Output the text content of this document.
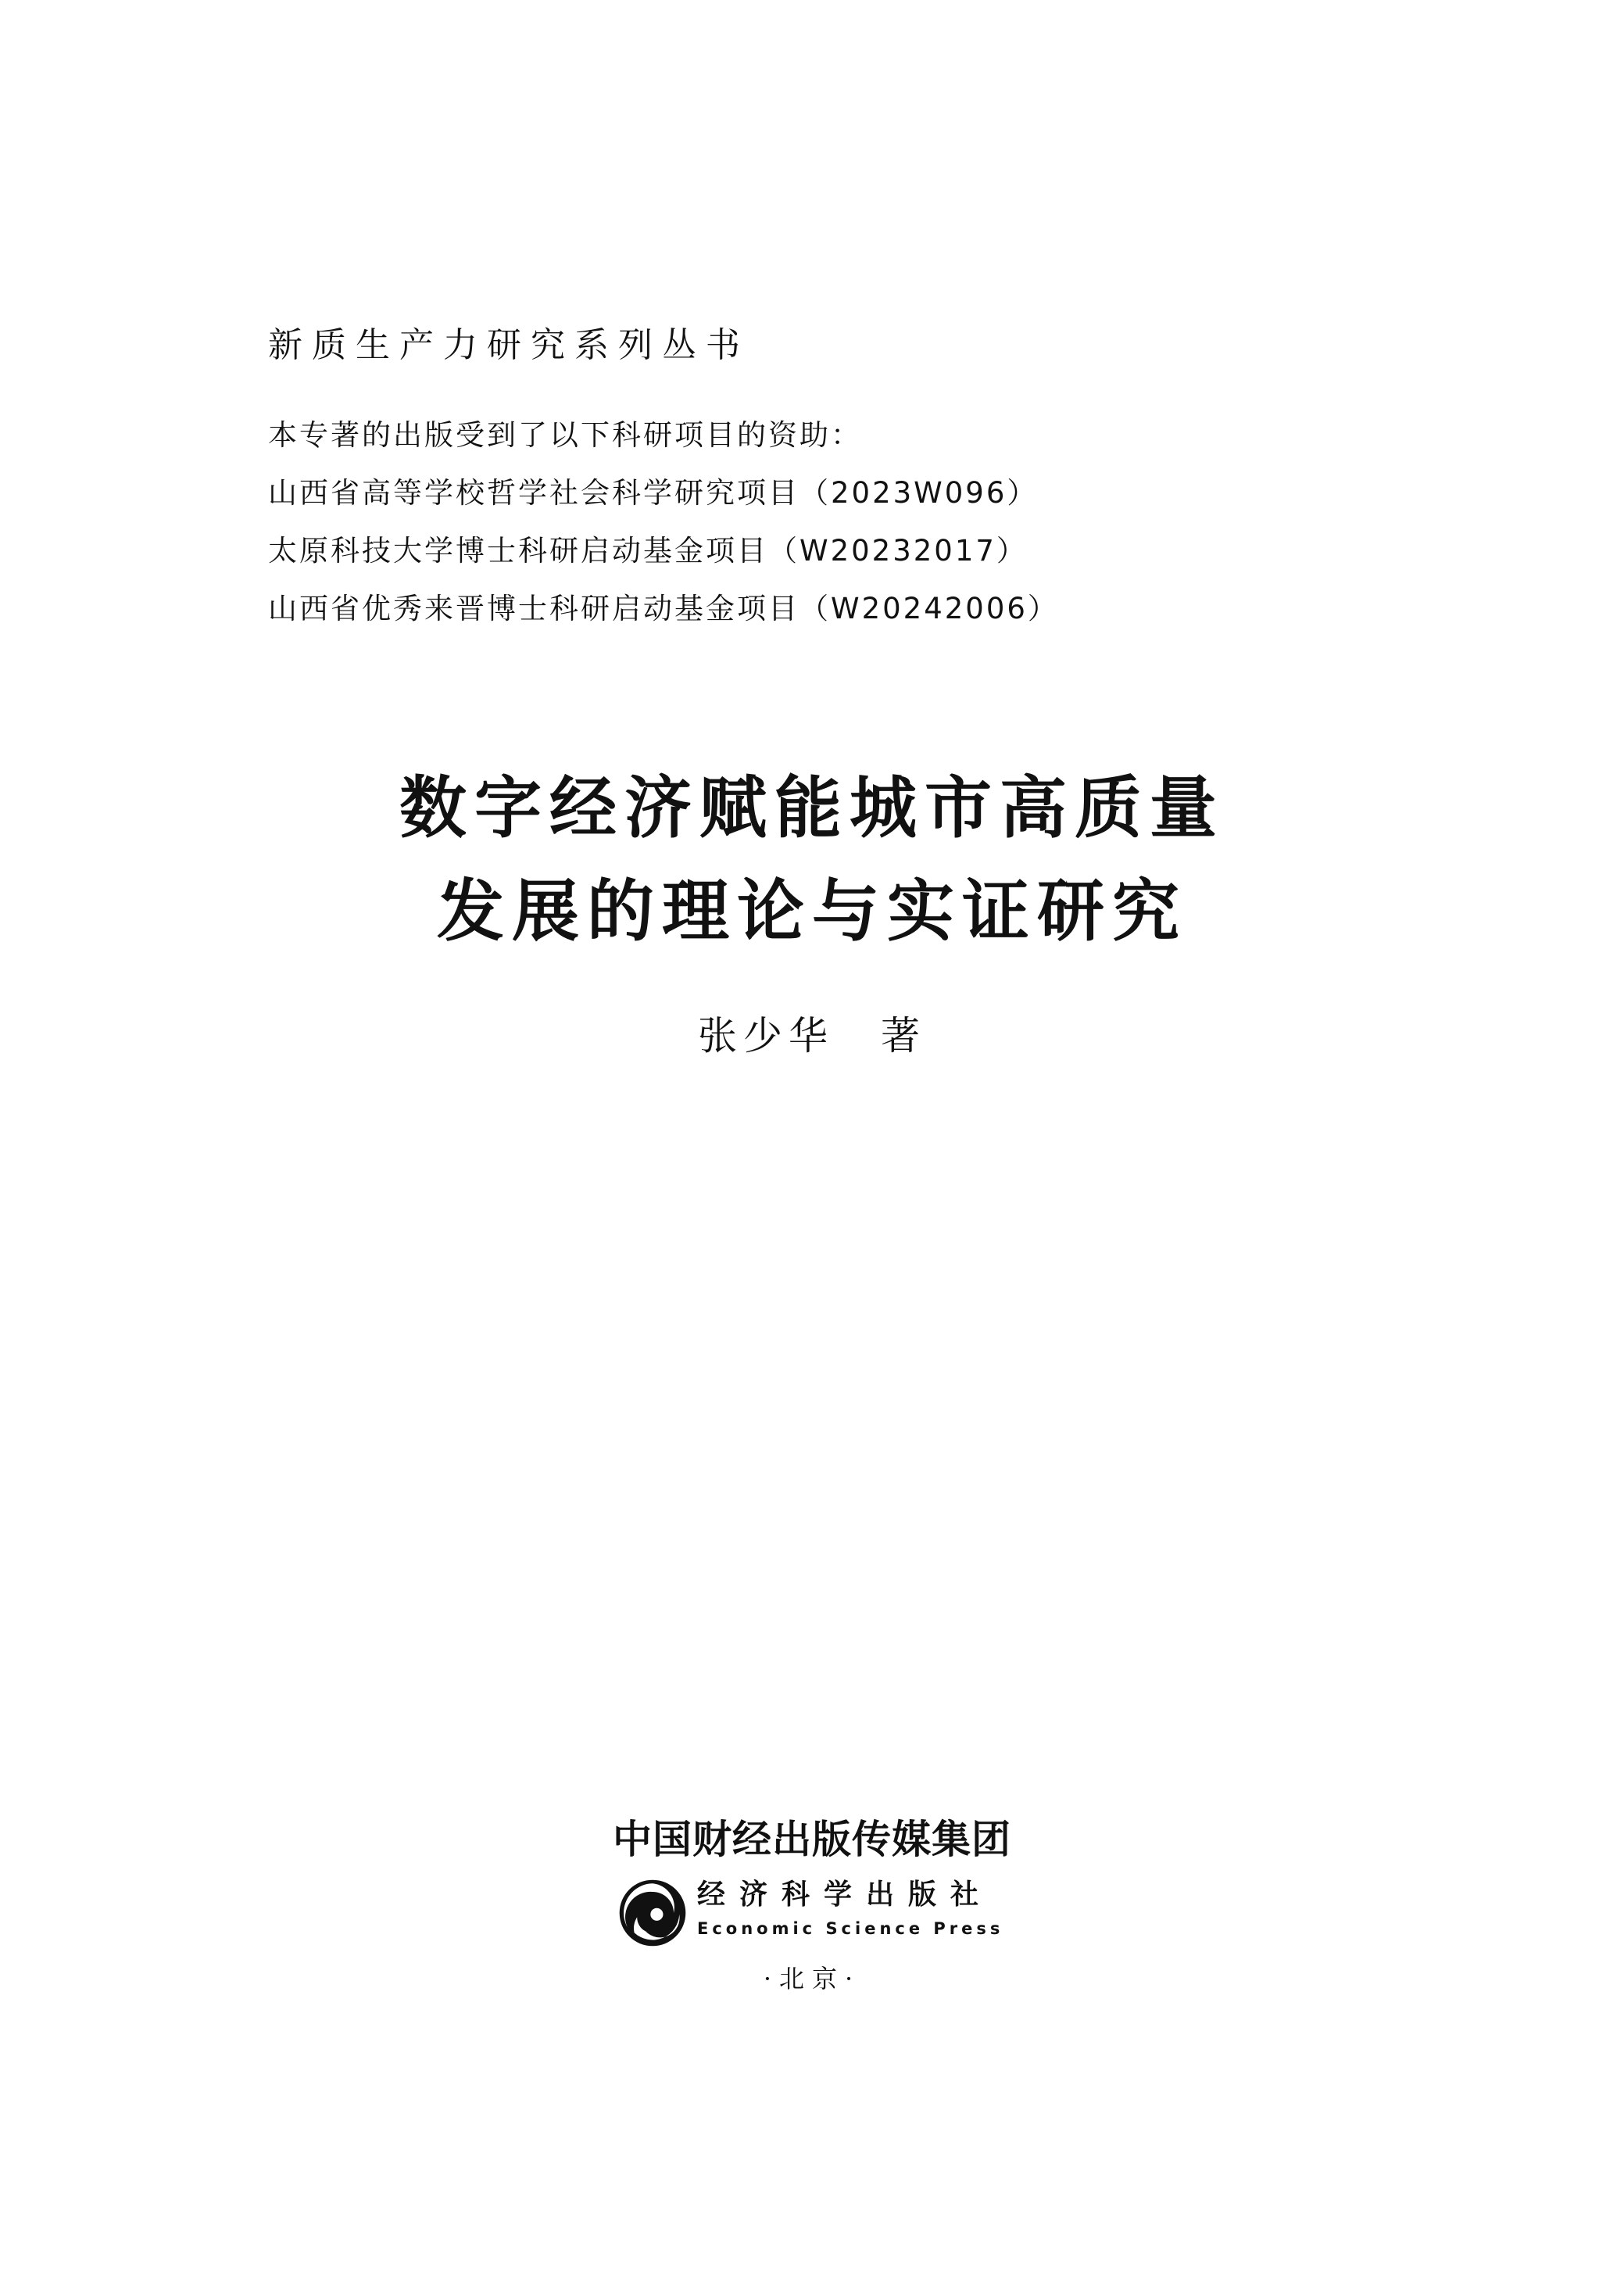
新质生产力研究系列丛书
本专著的出版受到了以下科研项目的资助：
山西省高等学校哲学社会科学研究项目（2023W096）
太原科技大学博士科研启动基金项目（W20232017）
山西省优秀来晋博士科研启动基金项目（W20242006）
数字经济赋能城市高质量
发展的理论与实证研究
张少华 著
中国财经出版传媒集团
经济科学出版社
Economic Science Press
·北京·
